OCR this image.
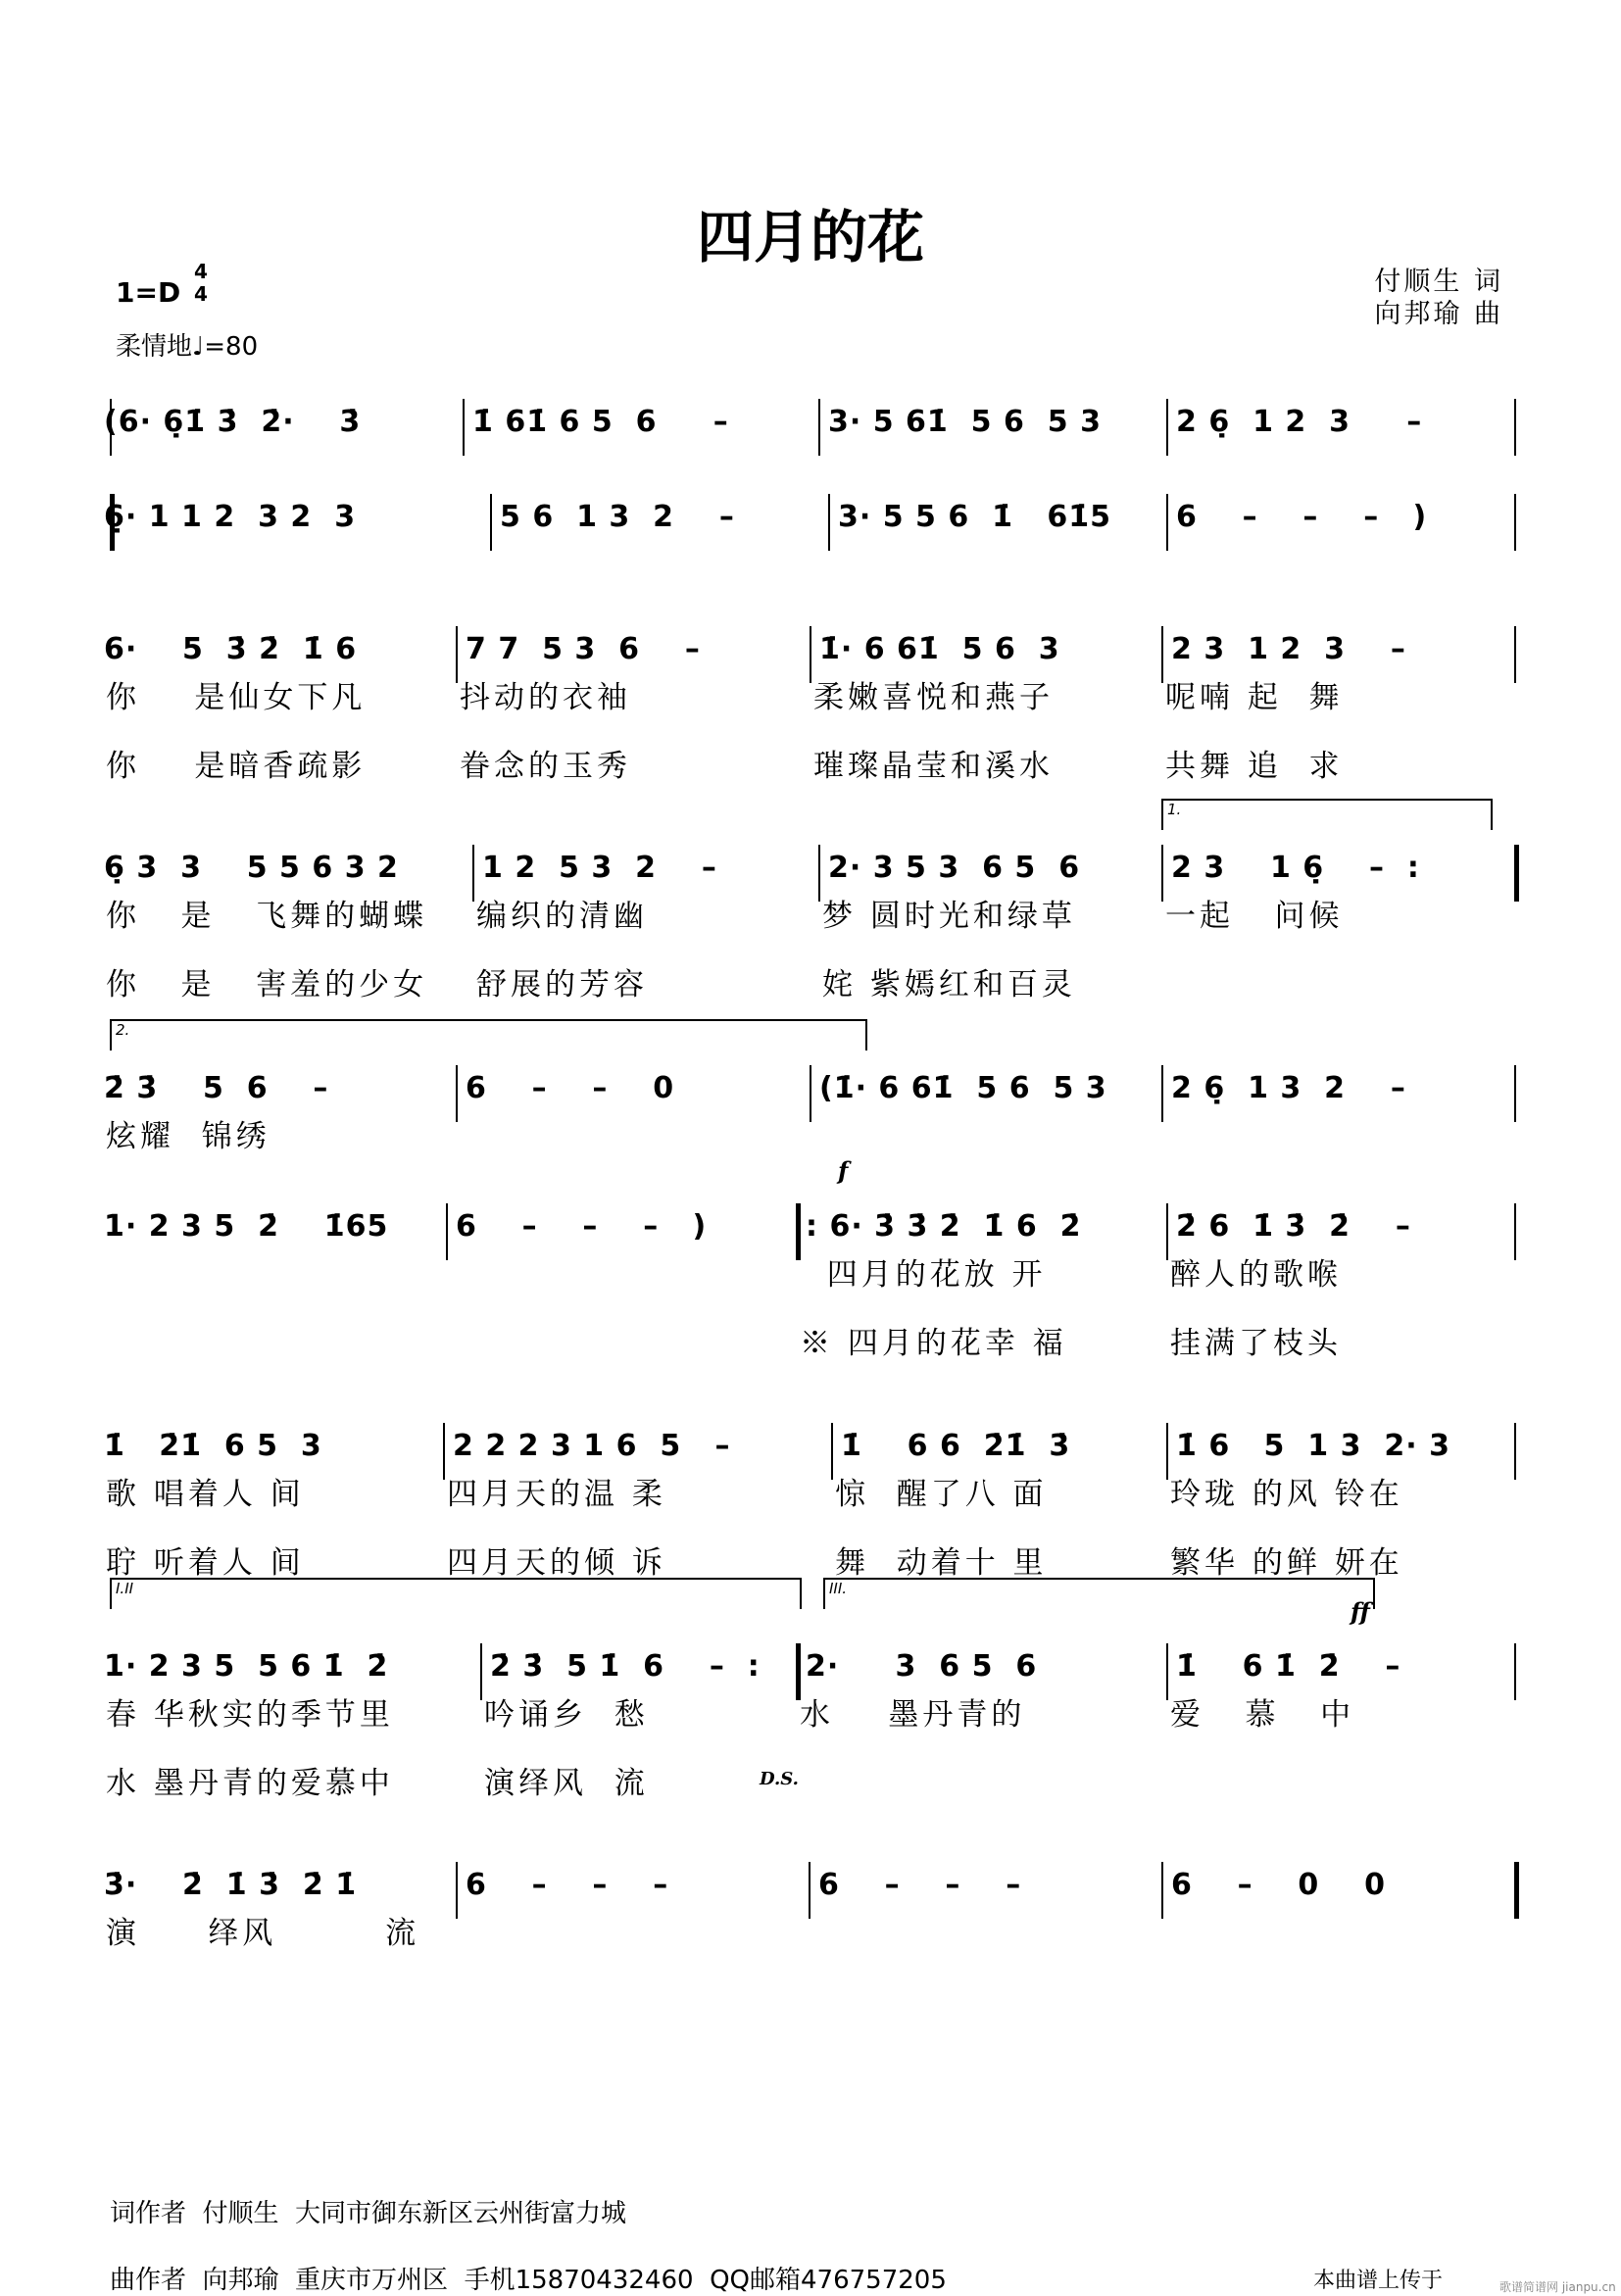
四月的花
1=D
4
4
柔情地♩=80
付顺生 词
向邦瑜 曲
(6· 6̣1̇ 3̇  2̇·    3̇	1̇ 61̇ 6 5  6     –	3· 5 61̇  5 6  5 3	2 6̣  1 2  3     –
6̣· 1 1 2  3 2  3	5 6  1 3  2    –	3· 5 5 6  1̇   61̇5 6    –    –    –   )
6·    5  3̇ 2̇  1̇ 6
你    是仙女下凡
你    是暗香疏影
7 7  5 3  6    –
抖动的衣袖
眷念的玉秀
1̇· 6 61̇  5 6  3
柔嫩喜悦和燕子
璀璨晶莹和溪水
2 3  1 2  3    –
呢喃 起  舞
共舞 追  求
6̣ 3  3    5 5 6 3 2
你   是   飞舞的蝴蝶
你   是   害羞的少女
1 2  5 3  2    –
编织的清幽
舒展的芳容
2· 3 5 3  6 5  6
梦 圆时光和绿草
姹 紫嫣红和百灵
2 3    1 6̣    –  :
一起   问候
1.
2̇ 3̇    5  6    –
炫耀  锦绣
6    –    –    0	(1̇· 6 61̇  5 6  5 3 2 6̣  1 3  2    –
2.
1· 2 3 5  2̇    1̇65 6    –    –    –   )	: 6· 3̇ 3̇ 2̇  1̇ 6  2̇
四月的花放 开
※ 四月的花幸 福
2̇ 6  1̇ 3̇  2̇    –
醉人的歌喉
挂满了枝头
f
1̇   2̇1̇  6 5  3
歌 唱着人 间
聍 听着人 间
2 2 2 3 1 6  5   –
四月天的温 柔
四月天的倾 诉
1̇    6 6  2̇1̇  3̇
惊  醒了八 面
舞  动着十 里
1̇ 6   5  1 3  2· 3
玲珑 的风 铃在
繁华 的鲜 妍在
1· 2 3 5  5 6 1̇  2̇
春 华秋实的季节里
水 墨丹青的爱慕中
2̇ 3̇  5 1̇  6    –  :
吟诵乡  愁
演绎风  流
2·     3  6 5  6
水    墨丹青的
1̇    6 1̇  2̇    –
爱   慕   中
I.II	III.
ff
D.S.
3̇·    2̇  1̇ 3̇  2̇ 1̇
演     绎风        流
6    –    –    –	6    –    –    –	6    –    0    0
词作者  付顺生  大同市御东新区云州街富力城
曲作者  向邦瑜  重庆市万州区  手机15870432460  QQ邮箱476757205	本曲谱上传于	歌谱简谱网 jianpu.cn
